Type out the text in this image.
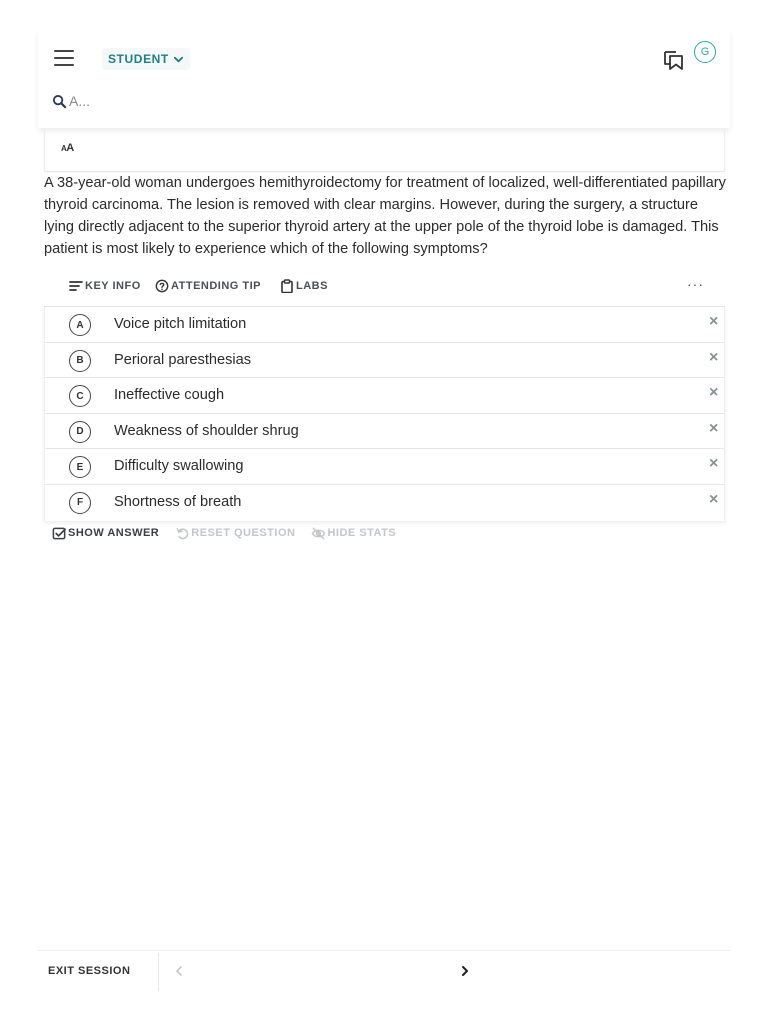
STUDENT	G
A...
AA
A 38-year-old woman undergoes hemithyroidectomy for treatment of localized, well-differentiated papillary thyroid carcinoma. The lesion is removed with clear margins. However, during the surgery, a structure lying directly adjacent to the superior thyroid artery at the upper pole of the thyroid lobe is damaged. This patient is most likely to experience which of the following symptoms?
KEY INFO	ATTENDING TIP	LABS	···
A	Voice pitch limitation	×
B	Perioral paresthesias	×
C	Ineffective cough	×
D	Weakness of shoulder shrug	×
E	Difficulty swallowing	×
F	Shortness of breath	×
SHOW ANSWER	RESET QUESTION	HIDE STATS
EXIT SESSION
